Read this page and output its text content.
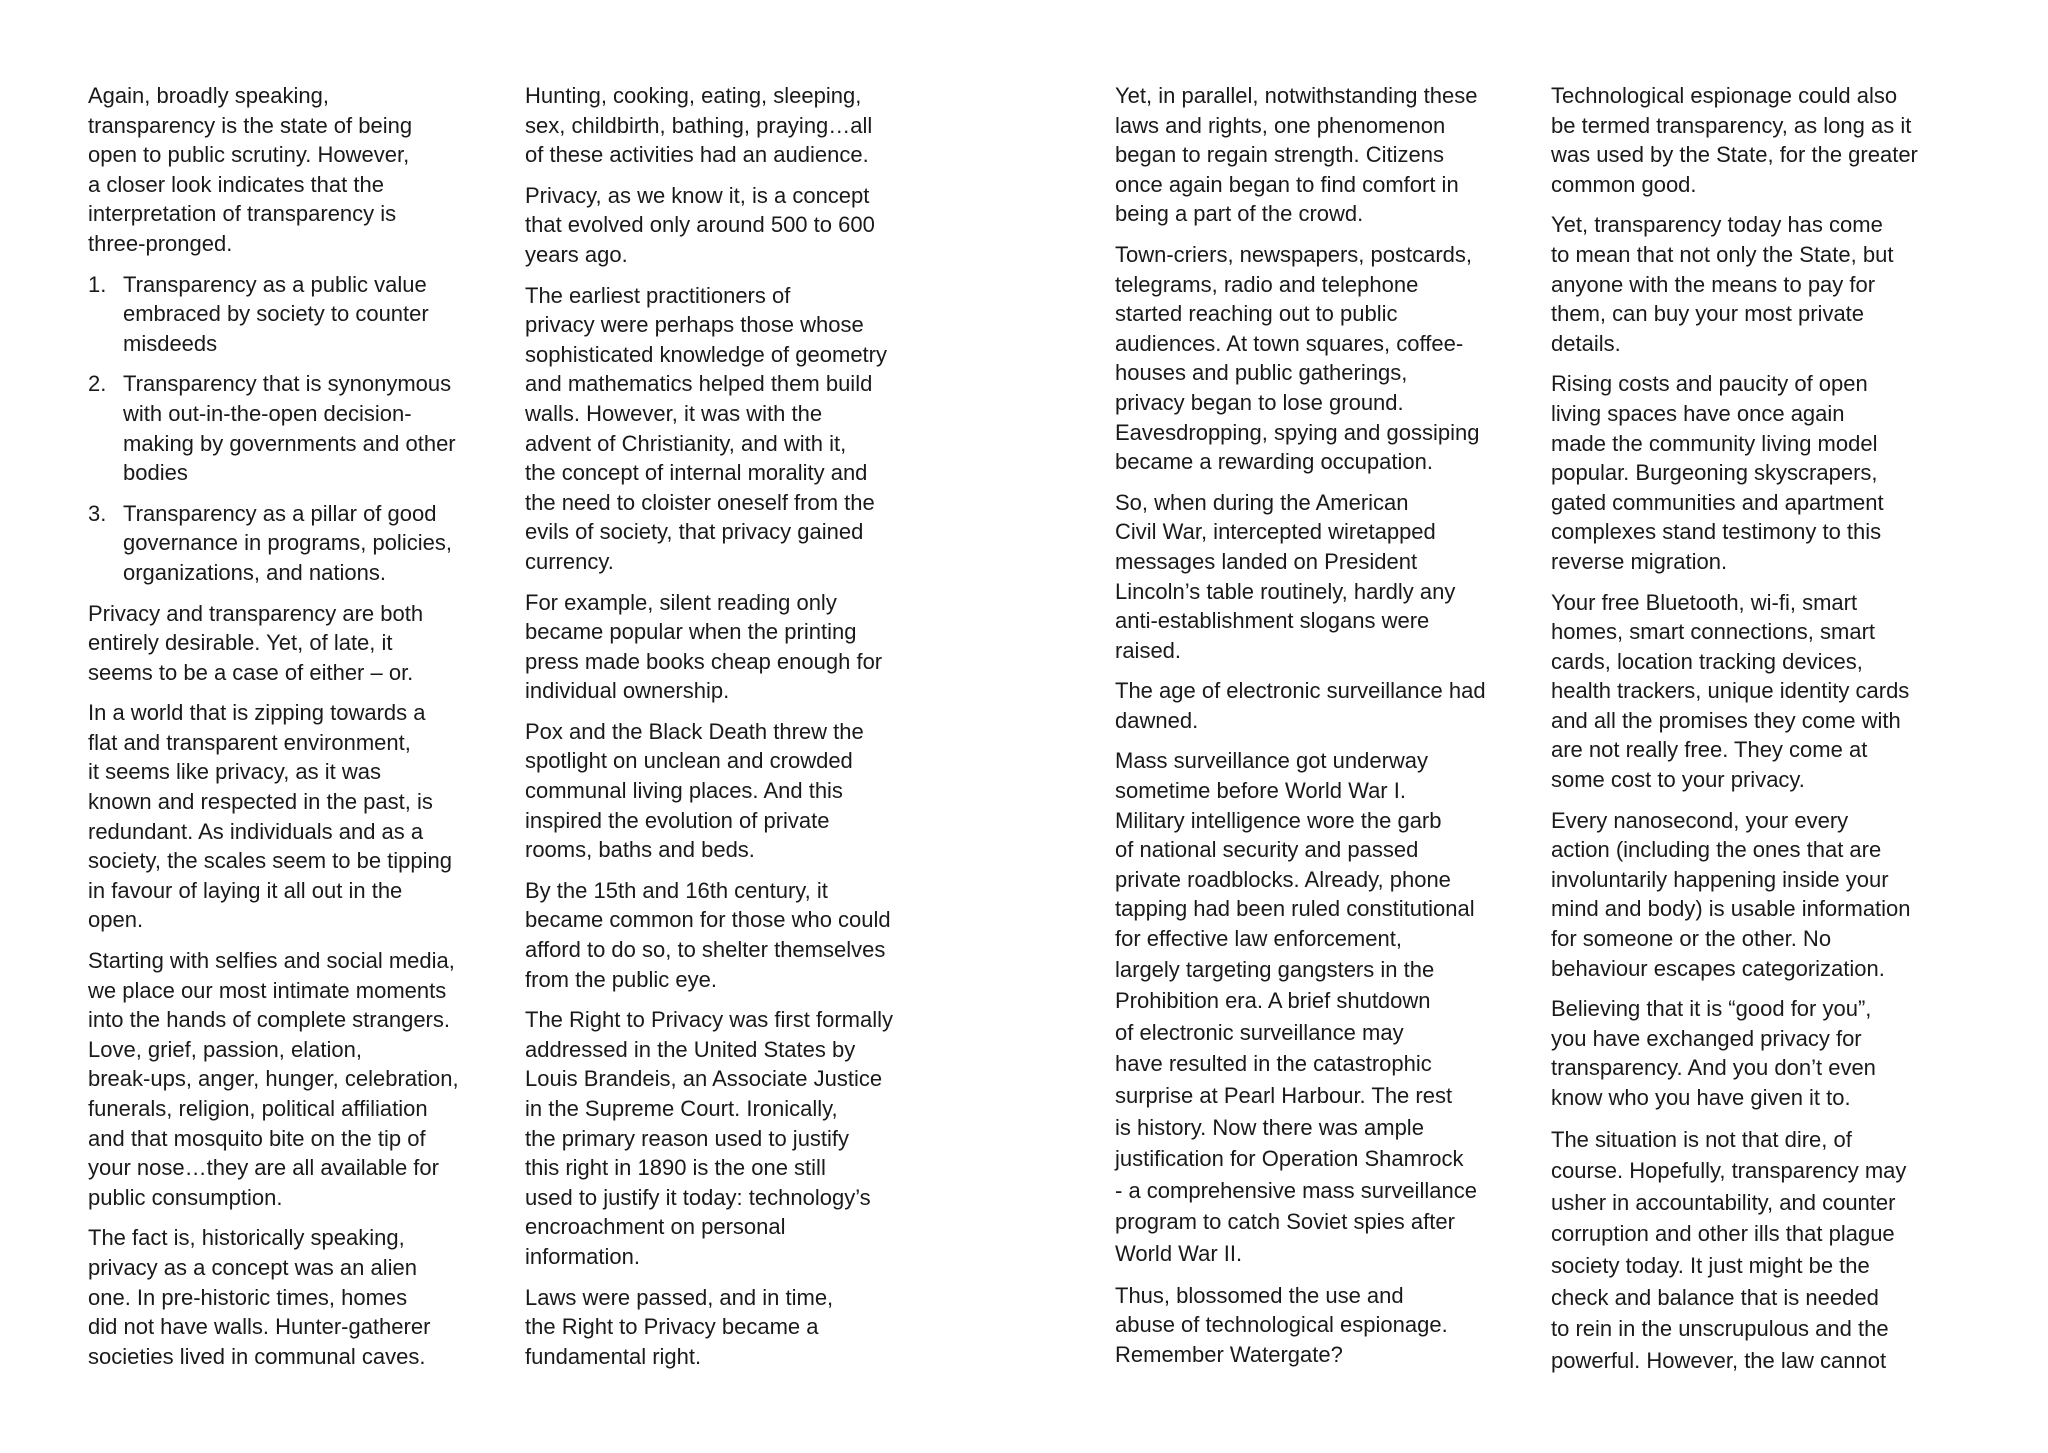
Again, broadly speaking,
transparency is the state of being
open to public scrutiny. However,
a closer look indicates that the
interpretation of transparency is
three-pronged.

1. Transparency as a public value
embraced by society to counter
misdeeds
2. Transparency that is synonymous
with out-in-the-open decision-
making by governments and other
bodies
3. Transparency as a pillar of good
governance in programs, policies,
organizations, and nations.

Privacy and transparency are both
entirely desirable. Yet, of late, it
seems to be a case of either – or.

In a world that is zipping towards a
flat and transparent environment,
it seems like privacy, as it was
known and respected in the past, is
redundant. As individuals and as a
society, the scales seem to be tipping
in favour of laying it all out in the
open.

Starting with selfies and social media,
we place our most intimate moments
into the hands of complete strangers.
Love, grief, passion, elation,
break-ups, anger, hunger, celebration,
funerals, religion, political affiliation
and that mosquito bite on the tip of
your nose…they are all available for
public consumption.

The fact is, historically speaking,
privacy as a concept was an alien
one. In pre-historic times, homes
did not have walls. Hunter-gatherer
societies lived in communal caves.

Hunting, cooking, eating, sleeping,
sex, childbirth, bathing, praying…all
of these activities had an audience.

Privacy, as we know it, is a concept
that evolved only around 500 to 600
years ago.

The earliest practitioners of
privacy were perhaps those whose
sophisticated knowledge of geometry
and mathematics helped them build
walls. However, it was with the
advent of Christianity, and with it,
the concept of internal morality and
the need to cloister oneself from the
evils of society, that privacy gained
currency.

For example, silent reading only
became popular when the printing
press made books cheap enough for
individual ownership.

Pox and the Black Death threw the
spotlight on unclean and crowded
communal living places. And this
inspired the evolution of private
rooms, baths and beds.

By the 15th and 16th century, it
became common for those who could
afford to do so, to shelter themselves
from the public eye.

The Right to Privacy was first formally
addressed in the United States by
Louis Brandeis, an Associate Justice
in the Supreme Court. Ironically,
the primary reason used to justify
this right in 1890 is the one still
used to justify it today: technology’s
encroachment on personal
information.

Laws were passed, and in time,
the Right to Privacy became a
fundamental right.

Yet, in parallel, notwithstanding these
laws and rights, one phenomenon
began to regain strength. Citizens
once again began to find comfort in
being a part of the crowd.

Town-criers, newspapers, postcards,
telegrams, radio and telephone
started reaching out to public
audiences. At town squares, coffee-
houses and public gatherings,
privacy began to lose ground.
Eavesdropping, spying and gossiping
became a rewarding occupation.

So, when during the American
Civil War, intercepted wiretapped
messages landed on President
Lincoln’s table routinely, hardly any
anti-establishment slogans were
raised.

The age of electronic surveillance had
dawned.

Mass surveillance got underway
sometime before World War I.
Military intelligence wore the garb
of national security and passed
private roadblocks. Already, phone
tapping had been ruled constitutional
for effective law enforcement,

largely targeting gangsters in the
Prohibition era. A brief shutdown
of electronic surveillance may
have resulted in the catastrophic
surprise at Pearl Harbour. The rest
is history. Now there was ample
justification for Operation Shamrock
- a comprehensive mass surveillance
program to catch Soviet spies after
World War II.

Thus, blossomed the use and
abuse of technological espionage.
Remember Watergate?

Technological espionage could also
be termed transparency, as long as it
was used by the State, for the greater
common good.

Yet, transparency today has come
to mean that not only the State, but
anyone with the means to pay for
them, can buy your most private
details.

Rising costs and paucity of open
living spaces have once again
made the community living model
popular. Burgeoning skyscrapers,
gated communities and apartment
complexes stand testimony to this
reverse migration.

Your free Bluetooth, wi-fi, smart
homes, smart connections, smart
cards, location tracking devices,
health trackers, unique identity cards
and all the promises they come with
are not really free. They come at
some cost to your privacy.

Every nanosecond, your every
action (including the ones that are
involuntarily happening inside your
mind and body) is usable information
for someone or the other. No
behaviour escapes categorization.

Believing that it is “good for you”,
you have exchanged privacy for
transparency. And you don’t even
know who you have given it to.

The situation is not that dire, of
course. Hopefully, transparency may
usher in accountability, and counter
corruption and other ills that plague
society today. It just might be the
check and balance that is needed
to rein in the unscrupulous and the
powerful. However, the law cannot
